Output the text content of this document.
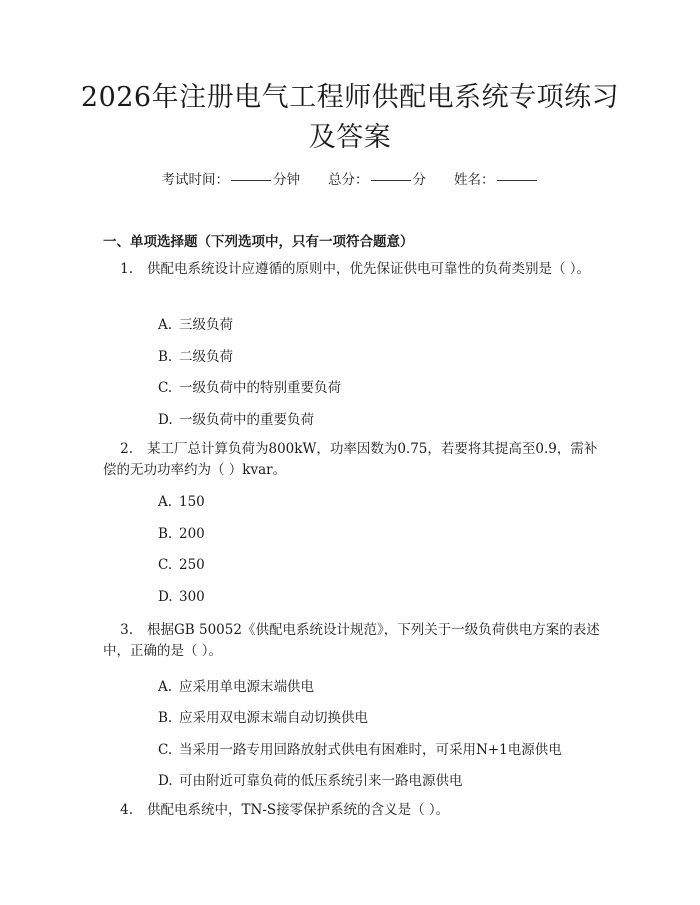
2026年注册电气工程师供配电系统专项练习
及答案
考试时间：	分钟 总分：	分 姓名：
一、单项选择题（下列选项中，只有一项符合题意）
1. 供配电系统设计应遵循的原则中，优先保证供电可靠性的负荷类别是（ ）。
A. 三级负荷
B. 二级负荷
C. 一级负荷中的特别重要负荷
D. 一级负荷中的重要负荷
2. 某工厂总计算负荷为800kW，功率因数为0.75，若要将其提高至0.9，需补偿的无功功率约为（ ）kvar。
A. 150
B. 200
C. 250
D. 300
3. 根据GB 50052《供配电系统设计规范》，下列关于一级负荷供电方案的表述中，正确的是（ ）。
A. 应采用单电源末端供电
B. 应采用双电源末端自动切换供电
C. 当采用一路专用回路放射式供电有困难时，可采用N+1电源供电
D. 可由附近可靠负荷的低压系统引来一路电源供电
4. 供配电系统中，TN-S接零保护系统的含义是（ ）。
